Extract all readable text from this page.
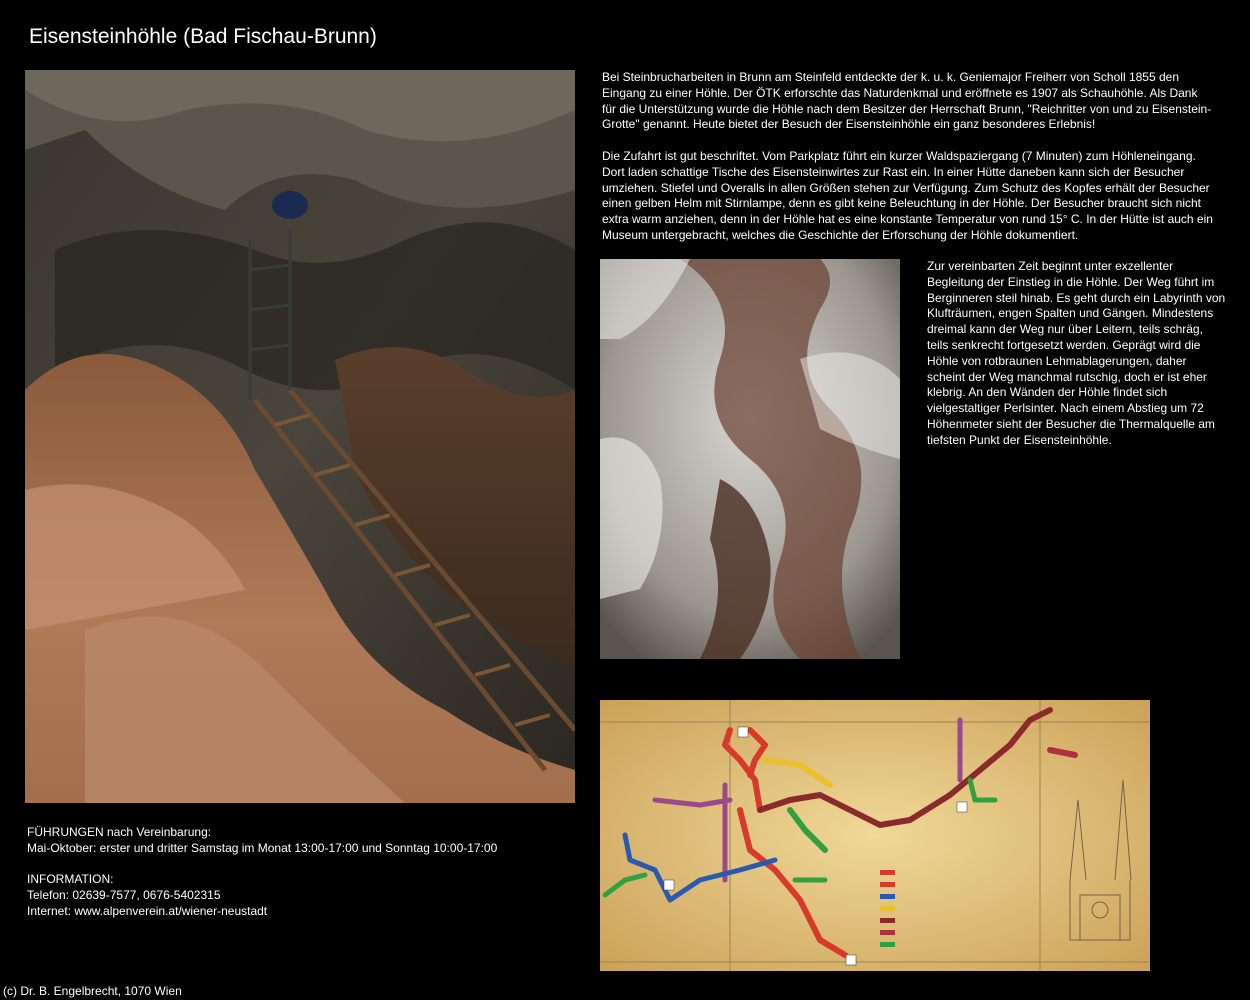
Eisensteinhöhle (Bad Fischau-Brunn)

Bei Steinbrucharbeiten in Brunn am Steinfeld entdeckte der k. u. k. Geniemajor Freiherr von Scholl 1855 den Eingang zu einer Höhle. Der ÖTK erforschte das Naturdenkmal und eröffnete es 1907 als Schauhöhle. Als Dank für die Unterstützung wurde die Höhle nach dem Besitzer der Herrschaft Brunn, "Reichritter von und zu Eisenstein-Grotte" genannt. Heute bietet der Besuch der Eisensteinhöhle ein ganz besonderes Erlebnis!

Die Zufahrt ist gut beschriftet. Vom Parkplatz führt ein kurzer Waldspaziergang (7 Minuten) zum Höhleneingang. Dort laden schattige Tische des Eisensteinwirtes zur Rast ein. In einer Hütte daneben kann sich der Besucher umziehen. Stiefel und Overalls in allen Größen stehen zur Verfügung. Zum Schutz des Kopfes erhält der Besucher einen gelben Helm mit Stirnlampe, denn es gibt keine Beleuchtung in der Höhle. Der Besucher braucht sich nicht extra warm anziehen, denn in der Höhle hat es eine konstante Temperatur von rund 15° C. In der Hütte ist auch ein Museum untergebracht, welches die Geschichte der Erforschung der Höhle dokumentiert.

Zur vereinbarten Zeit beginnt unter exzellenter Begleitung der Einstieg in die Höhle. Der Weg führt im Berginneren steil hinab. Es geht durch ein Labyrinth von Klufträumen, engen Spalten und Gängen. Mindestens dreimal kann der Weg nur über Leitern, teils schräg, teils senkrecht fortgesetzt werden. Geprägt wird die Höhle von rotbraunen Lehmablagerungen, daher scheint der Weg manchmal rutschig, doch er ist eher klebrig. An den Wänden der Höhle findet sich vielgestaltiger Perlsinter. Nach einem Abstieg um 72 Höhenmeter sieht der Besucher die Thermalquelle am tiefsten Punkt der Eisensteinhöhle.

FÜHRUNGEN nach Vereinbarung:
Mai-Oktober: erster und dritter Samstag im Monat 13:00-17:00 und Sonntag 10:00-17:00
INFORMATION:
Telefon: 02639-7577, 0676-5402315
Internet: www.alpenverein.at/wiener-neustadt
(c) Dr. B. Engelbrecht, 1070 Wien
